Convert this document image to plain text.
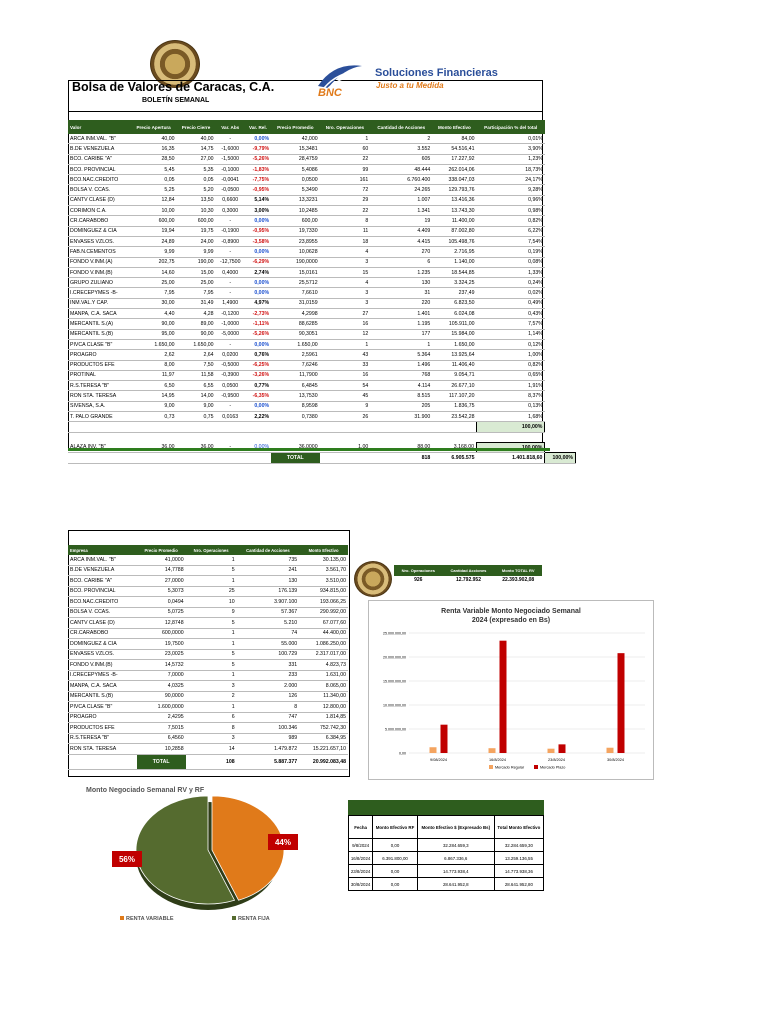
Bolsa de Valores de Caracas, C.A.
BOLETÍN SEMANAL
BNC
Soluciones Financieras
Justo a tu Medida
Valor	Precio Apertura	Precio Cierre	Var. Abs	Var. Rel.	Precio Promedio	Nro. Operaciones	Cantidad de Acciones	Monto Efectivo	Participación % del total	
ARCA INM.VAL. "B"	40,00	40,00	-	0,00%	42,000	1	2	84,00	0,01%	
B.DE VENEZUELA	16,35	14,75	-1,6000	-9,79%	15,3481	60	3.552	54.516,41	3,90%	
BCO. CARIBE "A"	28,50	27,00	-1,5000	-5,26%	28,4759	22	605	17.227,92	1,23%	
BCO. PROVINCIAL	5,45	5,35	-0,1000	-1,83%	5,4086	99	48.444	262.014,06	18,73%	
BCO.NAC.CREDITO	0,05	0,05	-0,0041	-7,75%	0,0500	161	6.760.400	338.047,03	24,17%	
BOLSA V. CCAS.	5,25	5,20	-0,0500	-0,95%	5,3490	72	24.265	129.793,76	9,28%	
CANTV CLASE (D)	12,84	13,50	0,6600	5,14%	13,3231	29	1.007	13.416,36	0,96%	
CORIMON C.A.	10,00	10,30	0,3000	3,00%	10,2485	22	1.341	13.743,30	0,98%	
CR.CARABOBO	600,00	600,00	-	0,00%	600,00	8	19	11.400,00	0,82%	
DOMINGUEZ & CIA	19,94	19,75	-0,1900	-0,95%	19,7330	11	4.409	87.002,80	6,22%	
ENVASES VZLOS.	24,89	24,00	-0,8900	-3,58%	23,8955	18	4.415	105.498,76	7,54%	
FAB.N.CEMENTOS	9,99	9,99	-	0,00%	10,0628	4	270	2.716,95	0,19%	
FONDO V.INM.(A)	202,75	190,00	-12,7500	-6,29%	190,0000	3	6	1.140,00	0,08%	
FONDO V.INM.(B)	14,60	15,00	0,4000	2,74%	15,0161	15	1.235	18.544,85	1,33%	
GRUPO ZULIANO	25,00	25,00	-	0,00%	25,5712	4	130	3.324,25	0,24%	
I.CRECEPYMES -B-	7,95	7,95	-	0,00%	7,6610	3	31	237,49	0,02%	
INM.VAL.Y CAP.	30,00	31,49	1,4900	4,97%	31,0159	3	220	6.823,50	0,49%	
MANPA, C.A. SACA	4,40	4,28	-0,1200	-2,73%	4,2998	27	1.401	6.024,08	0,43%	
MERCANTIL S.(A)	90,00	89,00	-1,0000	-1,11%	88,6285	16	1.195	105.911,00	7,57%	
MERCANTIL S.(B)	95,00	90,00	-5,0000	-5,26%	90,3051	12	177	15.984,00	1,14%	
PIVCA CLASE "B"	1.650,00	1.650,00	-	0,00%	1.650,00	1	1	1.650,00	0,12%	
PROAGRO	2,62	2,64	0,0200	0,76%	2,5961	43	5.364	13.925,64	1,00%	
PRODUCTOS EFE	8,00	7,50	-0,5000	-6,25%	7,6246	33	1.496	11.406,40	0,82%	
PROTINAL	11,97	11,58	-0,3900	-3,26%	11,7900	16	768	9.054,71	0,65%	
R.S.TERESA "B"	6,50	6,55	0,0500	0,77%	6,4845	54	4.114	26.677,10	1,91%	
RON STA. TERESA	14,95	14,00	-0,9500	-6,35%	13,7530	45	8.515	117.107,20	8,37%	
SIVENSA, S.A.	9,00	9,00	-	0,00%	8,9598	9	205	1.836,75	0,13%	
T. PALO GRANDE	0,73	0,75	0,0163	2,22%	0,7380	26	31.900	23.542,28	1,68%	
									100,00%	

					TOTAL		818	6.905.575	1.401.818,60	100,00%
Empresa	Precio Promedio	Nro. Operaciones	Cantidad de Acciones	Monto Efectivo
ARCA INM.VAL. "B"	41,0000	1	735	30.135,00
B.DE VENEZUELA	14,7788	5	241	3.561,70
BCO. CARIBE "A"	27,0000	1	130	3.510,00
BCO. PROVINCIAL	5,3073	25	176.139	934.815,00
BCO.NAC.CREDITO	0,0494	10	3.907.100	193.066,25
BOLSA V. CCAS.	5,0725	9	57.367	290.992,00
CANTV CLASE (D)	12,8748	5	5.210	67.077,60
CR.CARABOBO	600,0000	1	74	44.400,00
DOMINGUEZ & CIA	19,7500	1	55.000	1.086.250,00
ENVASES VZLOS.	23,0025	5	100.729	2.317.017,00
FONDO V.INM.(B)	14,5732	5	331	4.823,73
I.CRECEPYMES -B-	7,0000	1	233	1.631,00
MANPA, C.A. SACA	4,0325	3	2.000	8.065,00
MERCANTIL S.(B)	90,0000	2	126	11.340,00
PIVCA CLASE "B"	1.600,0000	1	8	12.800,00
PROAGRO	2,4295	6	747	1.814,85
PRODUCTOS EFE	7,5015	8	100.346	752.742,30
R.S.TERESA "B"	6,4560	3	989	6.384,95
RON STA. TERESA	10,2858	14	1.479.872	15.221.657,10
	TOTAL	108	5.887.377	20.992.083,48
Nro. Operaciones	Cantidad Acciones	Monto TOTAL RV
926	12.792.952	22.393.902,08
Renta Variable Monto Negociado Semanal 2024 (expresado en Bs)
0,00
5.000.000,00
10.000.000,00
15.000.000,00
20.000.000,00
25.000.000,00
9/08/2024	16/8/2024	23/8/2024	30/8/2024
Mercado Regular	Mercado Plazo
Monto Negociado Semanal RV y RF
44%
56%
RENTA VARIABLE	RENTA FIJA
Fecha	Monto Efectivo RF	Monto Efectivo $ (Expresado Bs)	Total Monto Efectivo
9/8/2024	0,00	32.284.659,3	32.284.659,30
16/8/2024	6.391.800,00	6.867.336,6	13.259.136,55
23/8/2024	0,00	14.773.938,4	14.773.938,36
30/8/2024	0,00	28.641.952,8	28.641.952,80
